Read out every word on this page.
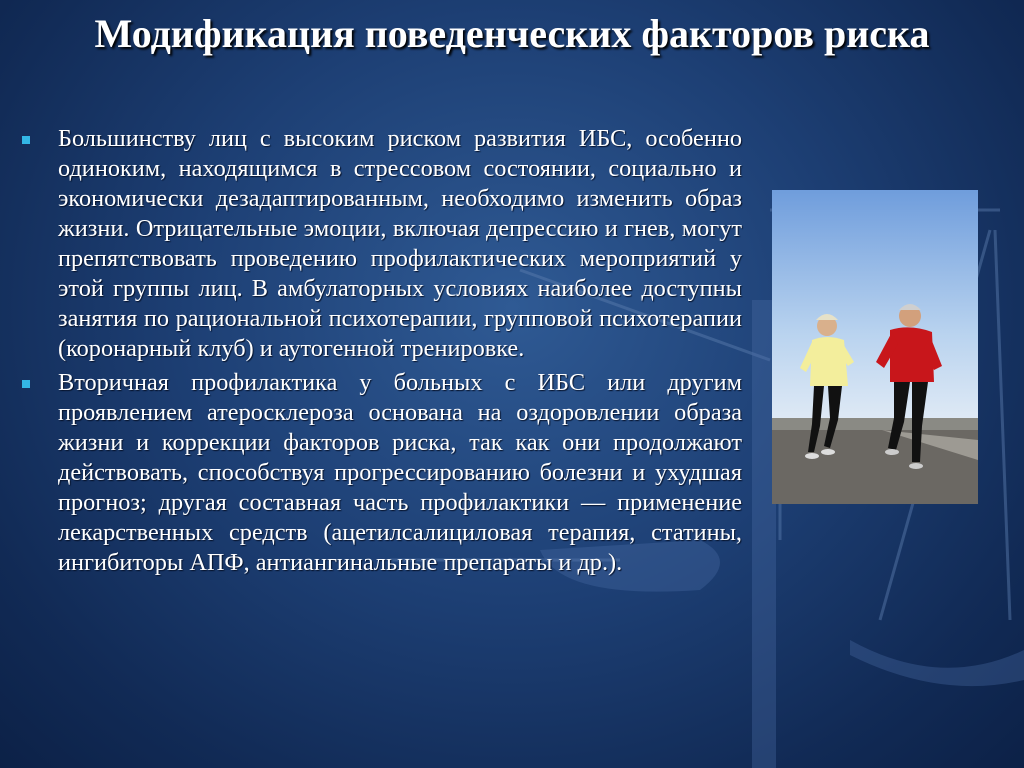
Модификация поведенческих факторов риска
Большинству лиц с высоким риском развития ИБС, особенно одиноким, находящимся в стрессовом состоянии, социально и экономически дезадаптированным, необходимо изменить образ жизни. Отрицательные эмоции, включая депрессию и гнев, могут препятствовать проведению профилактических мероприятий у этой группы лиц. В амбулаторных условиях наиболее доступны занятия по рациональной психотерапии, групповой психотерапии (коронарный клуб) и аутогенной тренировке.
Вторичная профилактика у больных с ИБС или другим проявлением атеросклероза основана на оздоровлении образа жизни и коррекции факторов риска, так как они продолжают действовать, способствуя прогрессированию болезни и ухудшая прогноз; другая составная часть профилактики — применение лекарственных средств (ацетилсалициловая терапия, статины, ингибиторы АПФ, антиангинальные препараты и др.).
